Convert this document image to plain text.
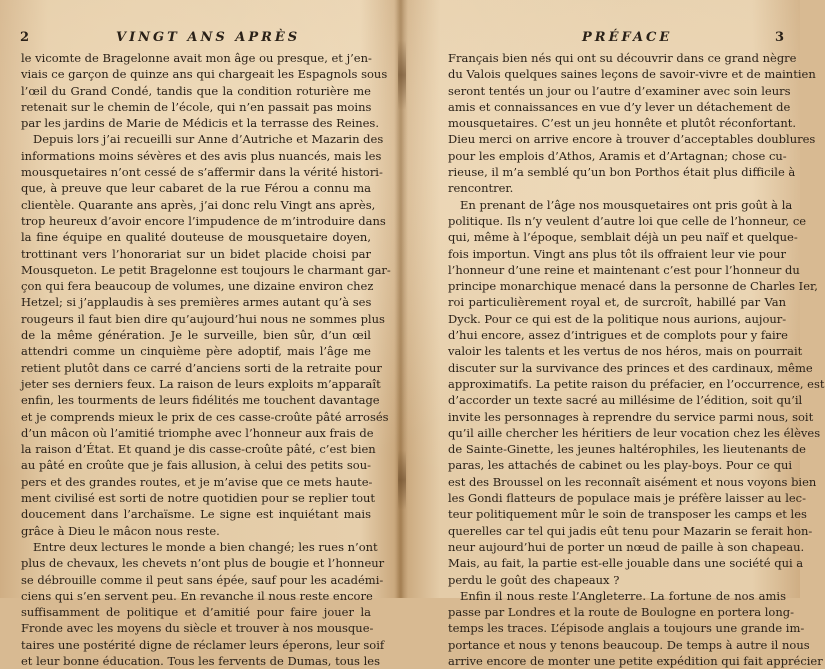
2	VINGT ANS APRÈS
le vicomte de Bragelonne avait mon âge ou presque, et j’en-
viais ce garçon de quinze ans qui chargeait les Espagnols sous
l’œil du Grand Condé, tandis que la condition roturière me
retenait sur le chemin de l’école, qui n’en passait pas moins
par les jardins de Marie de Médicis et la terrasse des Reines.
Depuis lors j’ai recueilli sur Anne d’Autriche et Mazarin des
informations moins sévères et des avis plus nuancés, mais les
mousquetaires n’ont cessé de s’affermir dans la vérité histori-
que, à preuve que leur cabaret de la rue Férou a connu ma
clientèle. Quarante ans après, j’ai donc relu Vingt ans après,
trop heureux d’avoir encore l’impudence de m’introduire dans
la fine équipe en qualité douteuse de mousquetaire doyen,
trottinant vers l’honorariat sur un bidet placide choisi par
Mousqueton. Le petit Bragelonne est toujours le charmant gar-
çon qui fera beaucoup de volumes, une dizaine environ chez
Hetzel; si j’applaudis à ses premières armes autant qu’à ses
rougeurs il faut bien dire qu’aujourd’hui nous ne sommes plus
de la même génération. Je le surveille, bien sûr, d’un œil
attendri comme un cinquième père adoptif, mais l’âge me
retient plutôt dans ce carré d’anciens sorti de la retraite pour
jeter ses derniers feux. La raison de leurs exploits m’apparaît
enfin, les tourments de leurs fidélités me touchent davantage
et je comprends mieux le prix de ces casse-croûte pâté arrosés
d’un mâcon où l’amitié triomphe avec l’honneur aux frais de
la raison d’État. Et quand je dis casse-croûte pâté, c’est bien
au pâté en croûte que je fais allusion, à celui des petits sou-
pers et des grandes routes, et je m’avise que ce mets haute-
ment civilisé est sorti de notre quotidien pour se replier tout
doucement dans l’archaïsme. Le signe est inquiétant mais
grâce à Dieu le mâcon nous reste.
Entre deux lectures le monde a bien changé; les rues n’ont
plus de chevaux, les chevets n’ont plus de bougie et l’honneur
se débrouille comme il peut sans épée, sauf pour les académi-
ciens qui s’en servent peu. En revanche il nous reste encore
suffisamment de politique et d’amitié pour faire jouer la
Fronde avec les moyens du siècle et trouver à nos mousque-
taires une postérité digne de réclamer leurs éperons, leur soif
et leur bonne éducation. Tous les fervents de Dumas, tous les
3
PRÉFACE
Français bien nés qui ont su découvrir dans ce grand nègre
du Valois quelques saines leçons de savoir-vivre et de maintien
seront tentés un jour ou l’autre d’examiner avec soin leurs
amis et connaissances en vue d’y lever un détachement de
mousquetaires. C’est un jeu honnête et plutôt réconfortant.
Dieu merci on arrive encore à trouver d’acceptables doublures
pour les emplois d’Athos, Aramis et d’Artagnan; chose cu-
rieuse, il m’a semblé qu’un bon Porthos était plus difficile à
rencontrer.
En prenant de l’âge nos mousquetaires ont pris goût à la
politique. Ils n’y veulent d’autre loi que celle de l’honneur, ce
qui, même à l’époque, semblait déjà un peu naïf et quelque-
fois importun. Vingt ans plus tôt ils offraient leur vie pour
l’honneur d’une reine et maintenant c’est pour l’honneur du
principe monarchique menacé dans la personne de Charles Ier,
roi particulièrement royal et, de surcroît, habillé par Van
Dyck. Pour ce qui est de la politique nous aurions, aujour-
d’hui encore, assez d’intrigues et de complots pour y faire
valoir les talents et les vertus de nos héros, mais on pourrait
discuter sur la survivance des princes et des cardinaux, même
approximatifs. La petite raison du préfacier, en l’occurrence, est
d’accorder un texte sacré au millésime de l’édition, soit qu’il
invite les personnages à reprendre du service parmi nous, soit
qu’il aille chercher les héritiers de leur vocation chez les élèves
de Sainte-Ginette, les jeunes haltérophiles, les lieutenants de
paras, les attachés de cabinet ou les play-boys. Pour ce qui
est des Broussel on les reconnaît aisément et nous voyons bien
les Gondi flatteurs de populace mais je préfère laisser au lec-
teur politiquement mûr le soin de transposer les camps et les
querelles car tel qui jadis eût tenu pour Mazarin se ferait hon-
neur aujourd’hui de porter un nœud de paille à son chapeau.
Mais, au fait, la partie est-elle jouable dans une société qui a
perdu le goût des chapeaux ?
Enfin il nous reste l’Angleterre. La fortune de nos amis
passe par Londres et la route de Boulogne en portera long-
temps les traces. L’épisode anglais a toujours une grande im-
portance et nous y tenons beaucoup. De temps à autre il nous
arrive encore de monter une petite expédition qui fait apprécier
